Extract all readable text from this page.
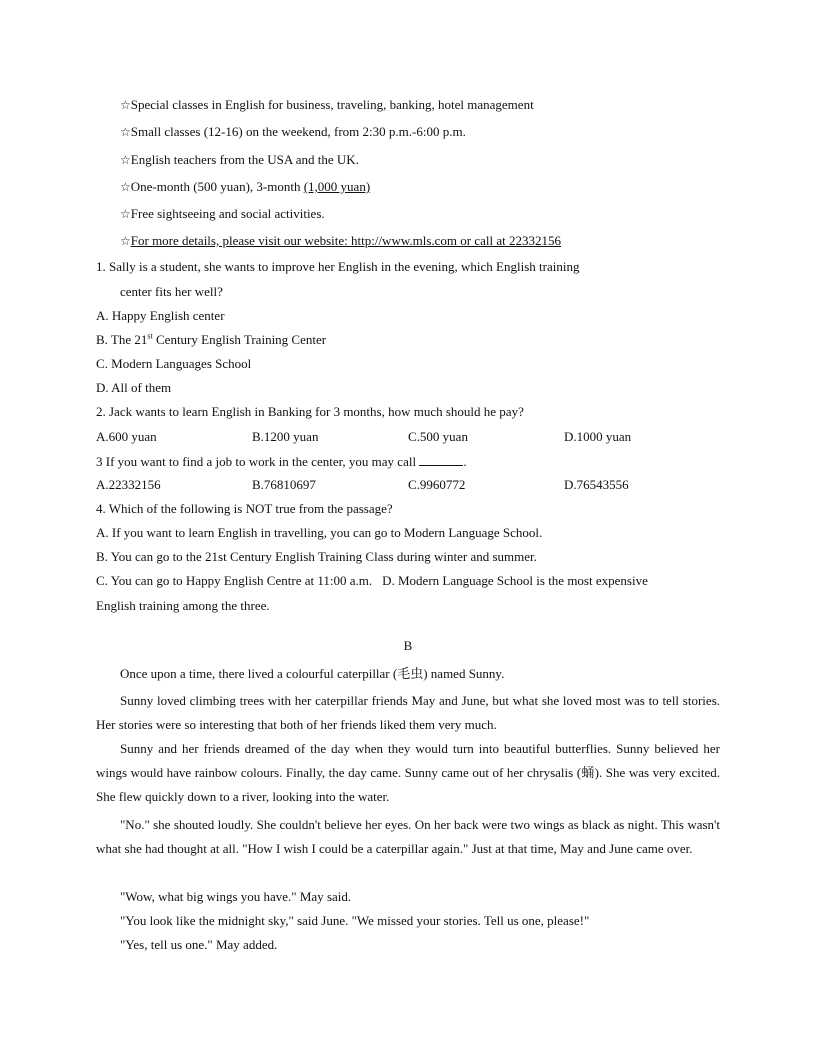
☆Special classes in English for business, traveling, banking, hotel management
☆Small classes (12-16) on the weekend, from 2:30 p.m.-6:00 p.m.
☆English teachers from the USA and the UK.
☆One-month (500 yuan), 3-month (1,000 yuan)
☆Free sightseeing and social activities.
☆For more details, please visit our website: http://www.mls.com or call at 22332156
1. Sally is a student, she wants to improve her English in the evening, which English training
center fits her well?
A. Happy English center
B. The 21st Century English Training Center
C. Modern Languages School
D. All of them
2. Jack wants to learn English in Banking for 3 months, how much should he pay?
A.600 yuan	B.1200 yuan	C.500 yuan	D.1000 yuan
3 If you want to find a job to work in the center, you may call	.
A.22332156	B.76810697	C.9960772	D.76543556
4. Which of the following is NOT true from the passage?
A. If you want to learn English in travelling, you can go to Modern Language School.
B. You can go to the 21st Century English Training Class during winter and summer.
C. You can go to Happy English Centre at 11:00 a.m. D. Modern Language School is the most expensive
English training among the three.
B
Once upon a time, there lived a colourful caterpillar (毛虫) named Sunny.
Sunny loved climbing trees with her caterpillar friends May and June, but what she loved most was to tell stories. Her stories were so interesting that both of her friends liked them very much.
Sunny and her friends dreamed of the day when they would turn into beautiful butterflies. Sunny believed her wings would have rainbow colours. Finally, the day came. Sunny came out of her chrysalis (蛹). She was very excited. She flew quickly down to a river, looking into the water.
"No." she shouted loudly. She couldn't believe her eyes. On her back were two wings as black as night. This wasn't what she had thought at all. "How I wish I could be a caterpillar again." Just at that time, May and June came over.
"Wow, what big wings you have." May said.
"You look like the midnight sky," said June. "We missed your stories. Tell us one, please!"
"Yes, tell us one." May added.
